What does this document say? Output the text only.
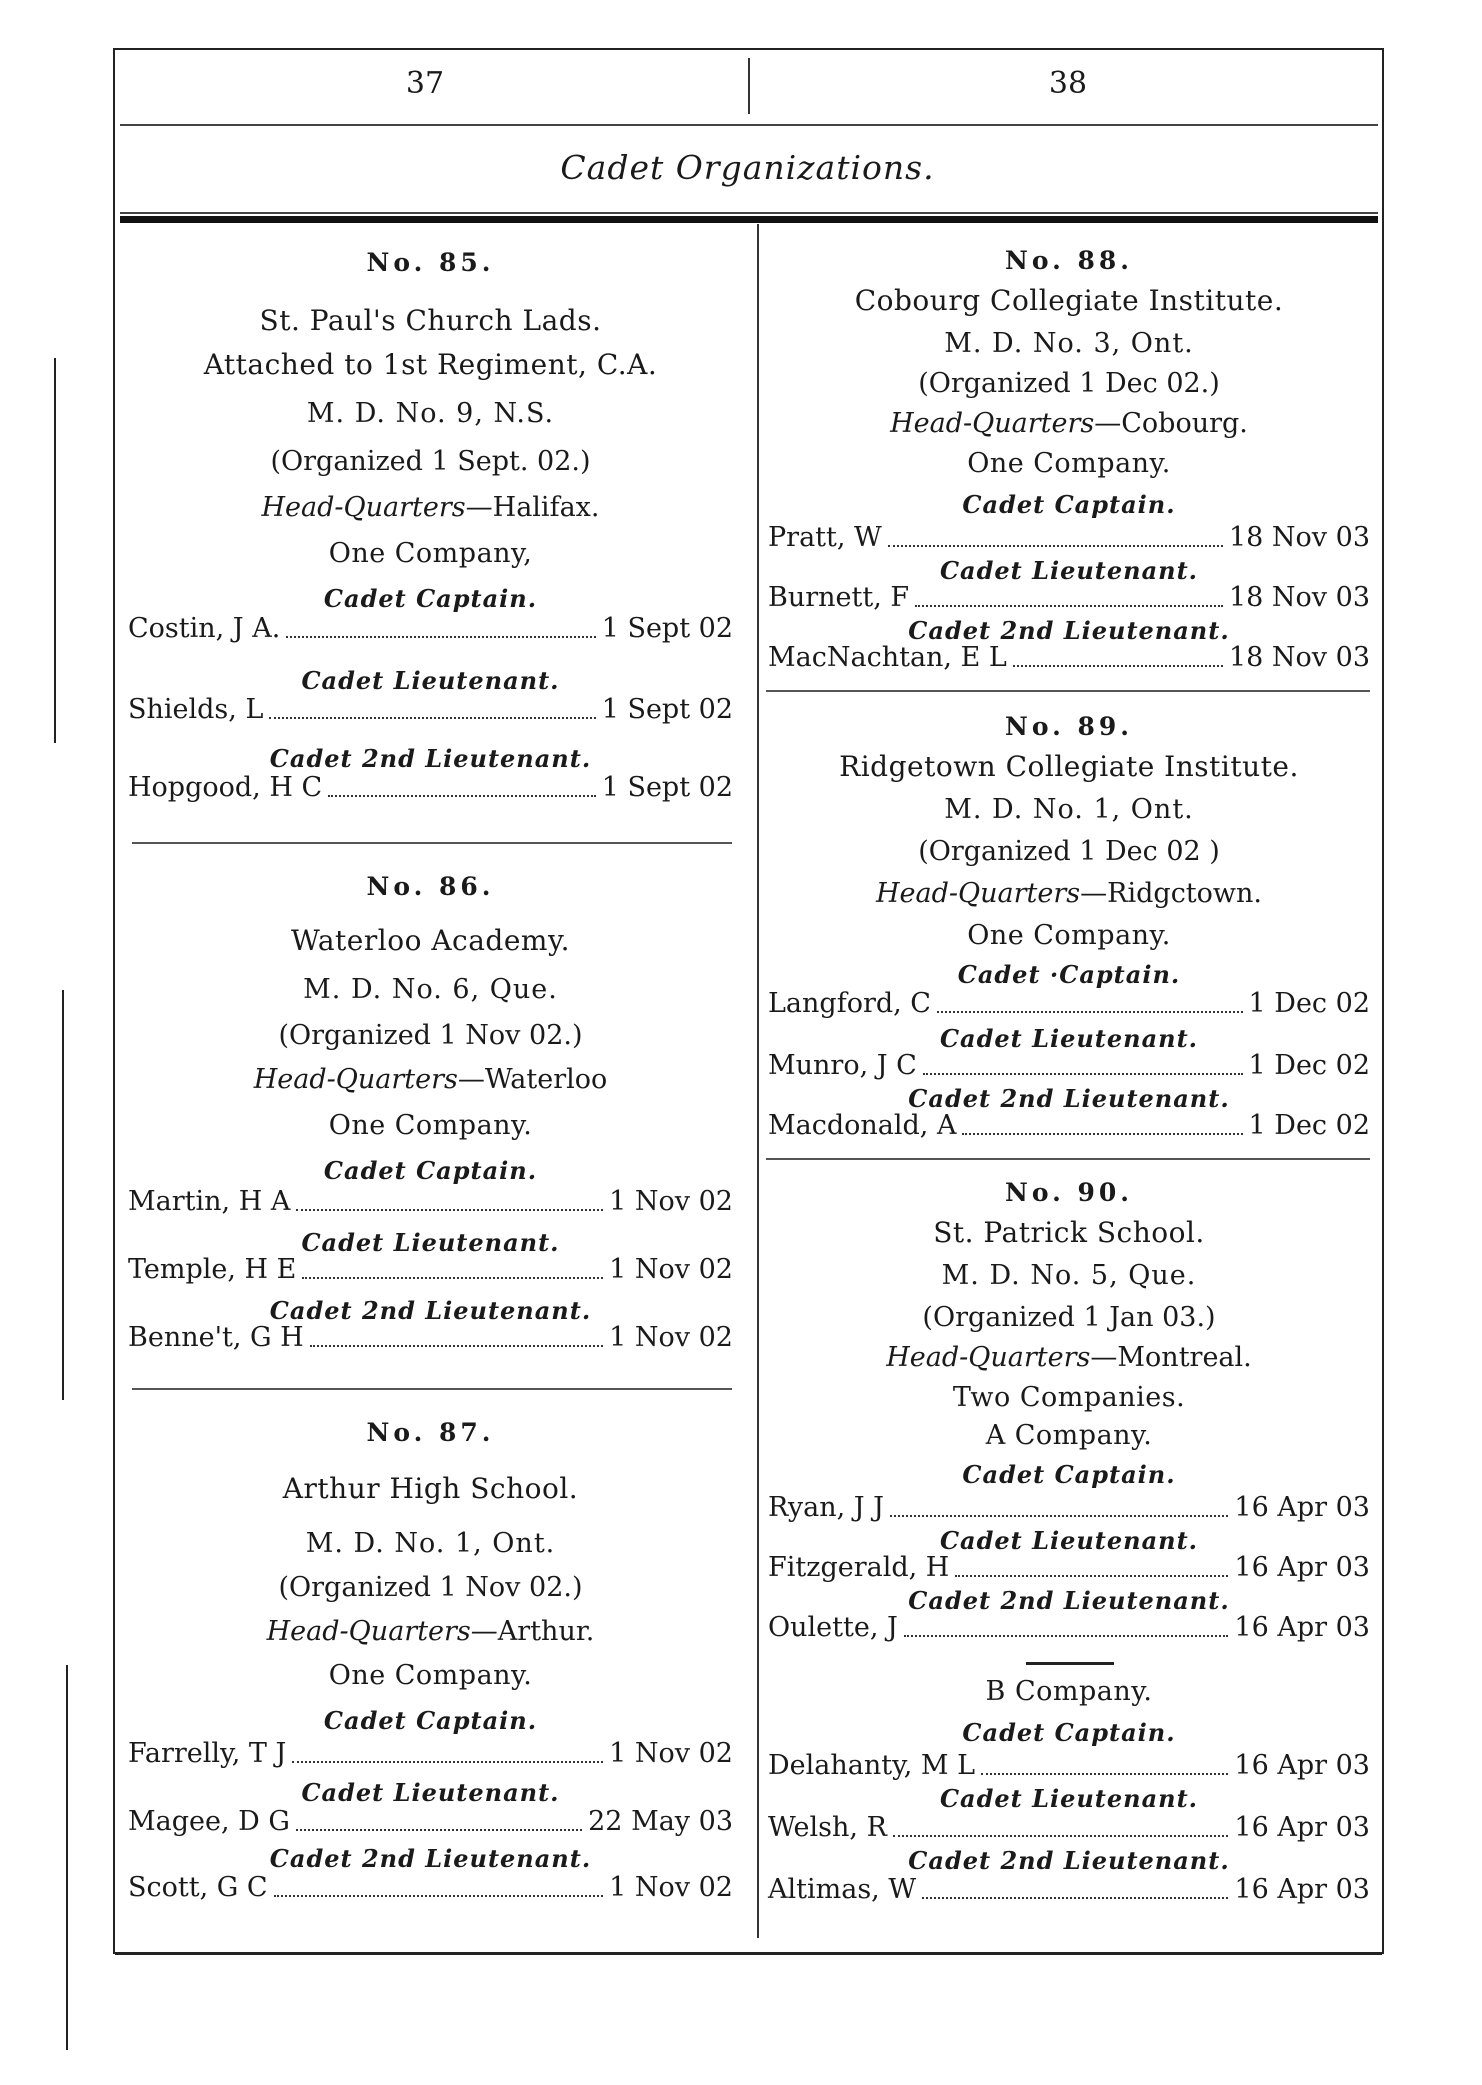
37	38
Cadet Organizations.
No. 85.
St. Paul's Church Lads.
Attached to 1st Regiment, C.A.
M. D. No. 9, N.S.
(Organized 1 Sept. 02.)
Head-Quarters—Halifax.
One Company,
Cadet Captain.
Costin, J A.	1 Sept 02
Cadet Lieutenant.
Shields, L	1 Sept 02
Cadet 2nd Lieutenant.
Hopgood, H C	1 Sept 02
No. 86.
Waterloo Academy.
M. D. No. 6, Que.
(Organized 1 Nov 02.)
Head-Quarters—Waterloo
One Company.
Cadet Captain.
Martin, H A	1 Nov 02
Cadet Lieutenant.
Temple, H E	1 Nov 02
Cadet 2nd Lieutenant.
Benne't, G H	1 Nov 02
No. 87.
Arthur High School.
M. D. No. 1, Ont.
(Organized 1 Nov 02.)
Head-Quarters—Arthur.
One Company.
Cadet Captain.
Farrelly, T J	1 Nov 02
Cadet Lieutenant.
Magee, D G	22 May 03
Cadet 2nd Lieutenant.
Scott, G C	1 Nov 02
No. 88.
Cobourg Collegiate Institute.
M. D. No. 3, Ont.
(Organized 1 Dec 02.)
Head-Quarters—Cobourg.
One Company.
Cadet Captain.
Pratt, W	18 Nov 03
Cadet Lieutenant.
Burnett, F	18 Nov 03
Cadet 2nd Lieutenant.
MacNachtan, E L	18 Nov 03
No. 89.
Ridgetown Collegiate Institute.
M. D. No. 1, Ont.
(Organized 1 Dec 02 )
Head-Quarters—Ridgctown.
One Company.
Cadet ·Captain.
Langford, C	1 Dec 02
Cadet Lieutenant.
Munro, J C	1 Dec 02
Cadet 2nd Lieutenant.
Macdonald, A	1 Dec 02
No. 90.
St. Patrick School.
M. D. No. 5, Que.
(Organized 1 Jan 03.)
Head-Quarters—Montreal.
Two Companies.
A Company.
Cadet Captain.
Ryan, J J	16 Apr 03
Cadet Lieutenant.
Fitzgerald, H	16 Apr 03
Cadet 2nd Lieutenant.
Oulette, J	16 Apr 03
B Company.
Cadet Captain.
Delahanty, M L	16 Apr 03
Cadet Lieutenant.
Welsh, R	16 Apr 03
Cadet 2nd Lieutenant.
Altimas, W	16 Apr 03
